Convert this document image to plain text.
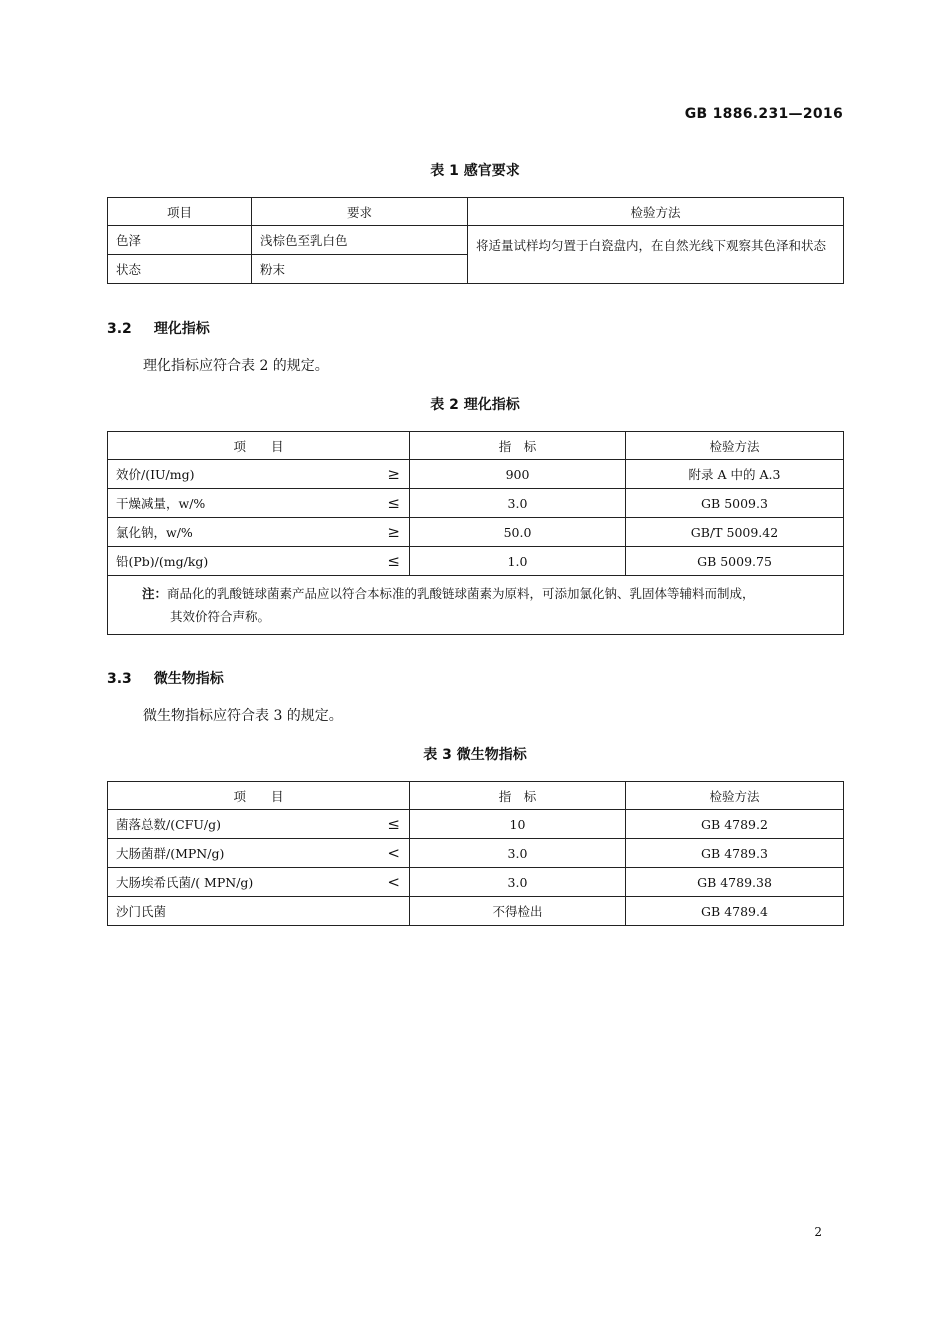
GB 1886.231—2016
表 1 感官要求
项目	要求	检验方法
色泽	浅棕色至乳白色	将适量试样均匀置于白瓷盘内，在自然光线下观察其色泽和状态
状态	粉末	
3.2 理化指标
理化指标应符合表 2 的规定。
表 2 理化指标
项　　目	指　标	检验方法
效价/(IU/mg) ≥	900	附录 A 中的 A.3
干燥减量，w/% ≤	3.0	GB 5009.3
氯化钠，w/% ≥	50.0	GB/T 5009.42
铅(Pb)/(mg/kg) ≤	1.0	GB 5009.75
注：商品化的乳酸链球菌素产品应以符合本标准的乳酸链球菌素为原料，可添加氯化钠、乳固体等辅料而制成，
其效价符合声称。		
3.3 微生物指标
微生物指标应符合表 3 的规定。
表 3 微生物指标
项　　目	指　标	检验方法
菌落总数/(CFU/g) ≤	10	GB 4789.2
大肠菌群/(MPN/g) <	3.0	GB 4789.3
大肠埃希氏菌/( MPN/g) <	3.0	GB 4789.38
沙门氏菌	不得检出	GB 4789.4
2
